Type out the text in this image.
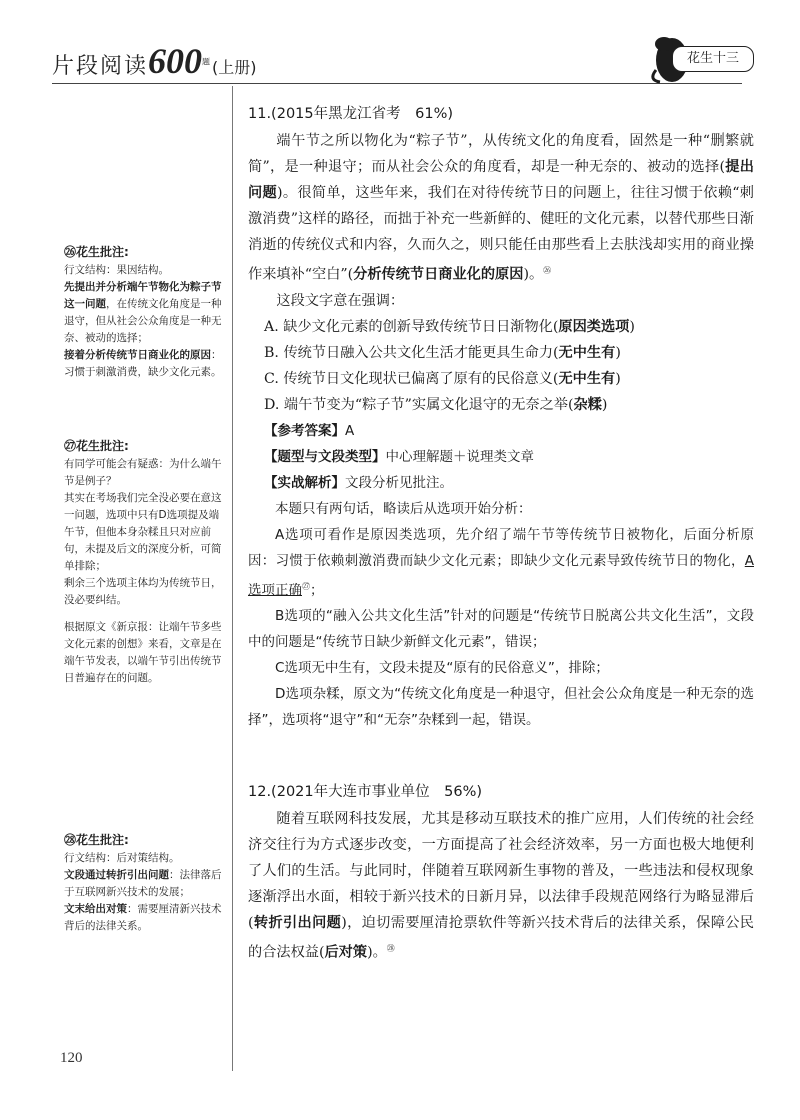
片段阅读$600^题$(上册)	花生十三
11.(2015年黑龙江省考　61%)

端午节之所以物化为“粽子节”，从传统文化的角度看，固然是一种“删繁就简”，是一种退守；而从社会公众的角度看，却是一种无奈的、被动的选择(提出问题)。很简单，这些年来，我们在对待传统节日的问题上，往往习惯于依赖“刺激消费”这样的路径，而拙于补充一些新鲜的、健旺的文化元素，以替代那些日渐消逝的传统仪式和内容，久而久之，则只能任由那些看上去肤浅却实用的商业操作来填补“空白”(分析传统节日商业化的原因)。$^㉖$

这段文字意在强调：

A. 缺少文化元素的创新导致传统节日日渐物化(原因类选项)

B. 传统节日融入公共文化生活才能更具生命力(无中生有)

C. 传统节日文化现状已偏离了原有的民俗意义(无中生有)

D. 端午节变为“粽子节”实属文化退守的无奈之举(杂糅)

【参考答案】A

【题型与文段类型】中心理解题＋说理类文章

【实战解析】文段分析见批注。

本题只有两句话，略读后从选项开始分析：

A选项可看作是原因类选项，先介绍了端午节等传统节日被物化，后面分析原因：习惯于依赖刺激消费而缺少文化元素；即缺少文化元素导致传统节日的物化，A选项正确$^㉗$；

B选项的“融入公共文化生活”针对的问题是“传统节日脱离公共文化生活”，文段中的问题是“传统节日缺少新鲜文化元素”，错误；

C选项无中生有，文段未提及“原有的民俗意义”，排除；

D选项杂糅，原文为“传统文化角度是一种退守，但社会公众角度是一种无奈的选择”，选项将“退守”和“无奈”杂糅到一起，错误。

12.(2021年大连市事业单位　56%)

随着互联网科技发展，尤其是移动互联技术的推广应用，人们传统的社会经济交往行为方式逐步改变，一方面提高了社会经济效率，另一方面也极大地便利了人们的生活。与此同时，伴随着互联网新生事物的普及，一些违法和侵权现象逐渐浮出水面，相较于新兴技术的日新月异，以法律手段规范网络行为略显滞后(转折引出问题)，迫切需要厘清抢票软件等新兴技术背后的法律关系，保障公民的合法权益(后对策)。$^㉘$

㉖花生批注:
行文结构：果因结构。
先提出并分析端午节物化为粽子节这一问题，在传统文化角度是一种退守，但从社会公众角度是一种无奈、被动的选择；
接着分析传统节日商业化的原因：习惯于刺激消费，缺少文化元素。
㉗花生批注:
有同学可能会有疑惑：为什么端午节是例子？
其实在考场我们完全没必要在意这一问题，选项中只有D选项提及端午节，但他本身杂糅且只对应前句，未提及后文的深度分析，可简单排除；
剩余三个选项主体均为传统节日，没必要纠结。
根据原文《新京报：让端午节多些文化元素的创想》来看，文章是在端午节发表，以端午节引出传统节日普遍存在的问题。
㉘花生批注:
行文结构：后对策结构。
文段通过转折引出问题：法律落后于互联网新兴技术的发展；
文末给出对策：需要厘清新兴技术背后的法律关系。
120
